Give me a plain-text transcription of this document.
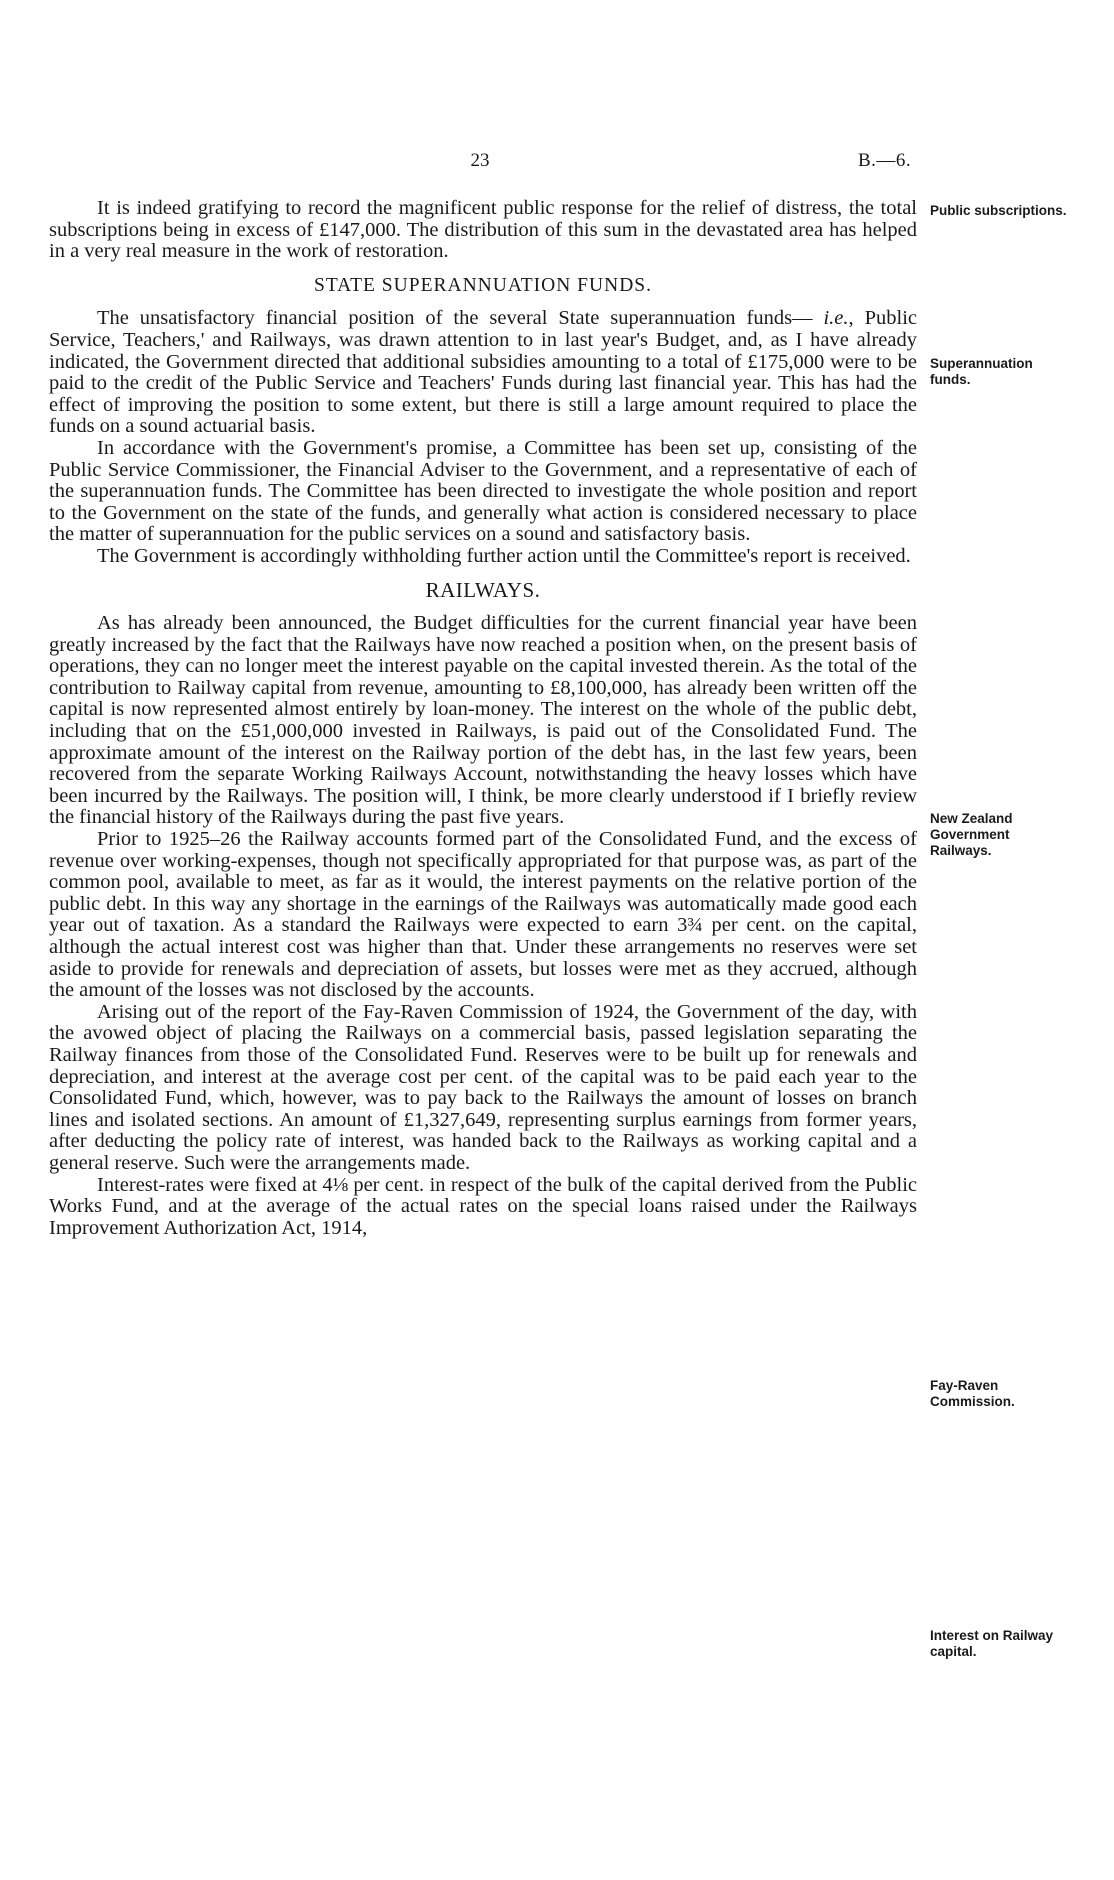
23	B.—6.

It is indeed gratifying to record the magnificent public response for the relief of distress, the total subscriptions being in excess of £147,000. The distribution of this sum in the devastated area has helped in a very real measure in the work of restoration.

STATE SUPERANNUATION FUNDS.

The unsatisfactory financial position of the several State superannuation funds— i.e., Public Service, Teachers,' and Railways, was drawn attention to in last year's Budget, and, as I have already indicated, the Government directed that additional subsidies amounting to a total of £175,000 were to be paid to the credit of the Public Service and Teachers' Funds during last financial year. This has had the effect of improving the position to some extent, but there is still a large amount required to place the funds on a sound actuarial basis.

In accordance with the Government's promise, a Committee has been set up, consisting of the Public Service Commissioner, the Financial Adviser to the Government, and a representative of each of the superannuation funds. The Committee has been directed to investigate the whole position and report to the Government on the state of the funds, and generally what action is considered necessary to place the matter of superannuation for the public services on a sound and satisfactory basis.

The Government is accordingly withholding further action until the Committee's report is received.

RAILWAYS.

As has already been announced, the Budget difficulties for the current financial year have been greatly increased by the fact that the Railways have now reached a position when, on the present basis of operations, they can no longer meet the interest payable on the capital invested therein. As the total of the contribution to Railway capital from revenue, amounting to £8,100,000, has already been written off the capital is now represented almost entirely by loan-money. The interest on the whole of the public debt, including that on the £51,000,000 invested in Railways, is paid out of the Consolidated Fund. The approximate amount of the interest on the Railway portion of the debt has, in the last few years, been recovered from the separate Working Railways Account, notwithstanding the heavy losses which have been incurred by the Railways. The position will, I think, be more clearly understood if I briefly review the financial history of the Railways during the past five years.

Prior to 1925–26 the Railway accounts formed part of the Consolidated Fund, and the excess of revenue over working-expenses, though not specifically appropriated for that purpose was, as part of the common pool, available to meet, as far as it would, the interest payments on the relative portion of the public debt. In this way any shortage in the earnings of the Railways was automatically made good each year out of taxation. As a standard the Railways were expected to earn 3¾ per cent. on the capital, although the actual interest cost was higher than that. Under these arrangements no reserves were set aside to provide for renewals and depreciation of assets, but losses were met as they accrued, although the amount of the losses was not disclosed by the accounts.

Arising out of the report of the Fay-Raven Commission of 1924, the Government of the day, with the avowed object of placing the Railways on a commercial basis, passed legislation separating the Railway finances from those of the Consolidated Fund. Reserves were to be built up for renewals and depreciation, and interest at the average cost per cent. of the capital was to be paid each year to the Consolidated Fund, which, however, was to pay back to the Railways the amount of losses on branch lines and isolated sections. An amount of £1,327,649, representing surplus earnings from former years, after deducting the policy rate of interest, was handed back to the Railways as working capital and a general reserve. Such were the arrangements made.

Interest-rates were fixed at 4⅛ per cent. in respect of the bulk of the capital derived from the Public Works Fund, and at the average of the actual rates on the special loans raised under the Railways Improvement Authorization Act, 1914,

Public subscriptions.
Superannuation
funds.
New Zealand
Government
Railways.
Fay-Raven
Commission.
Interest on Railway
capital.
